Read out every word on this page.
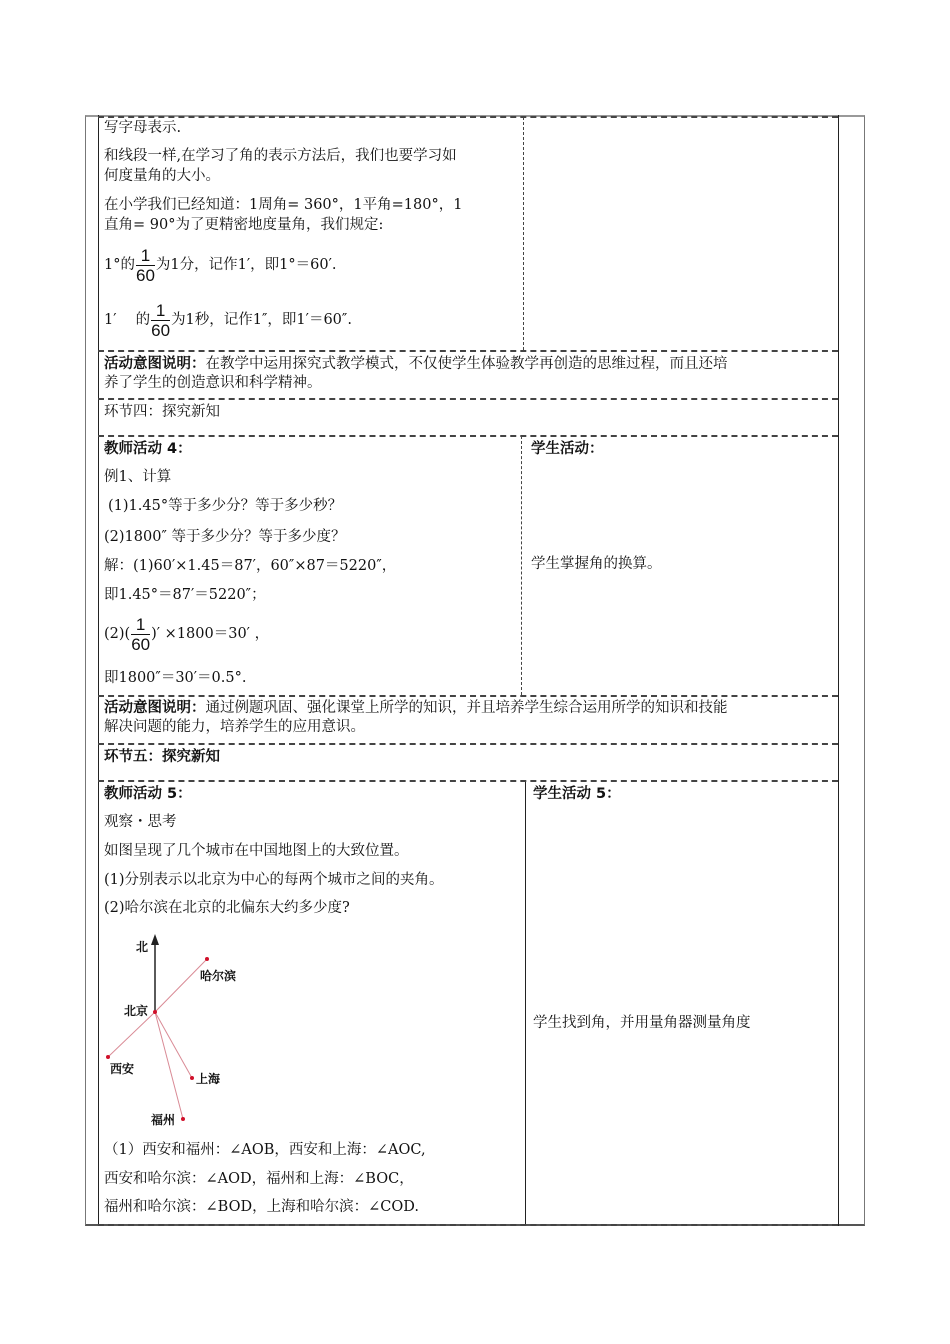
写字母表示.
和线段一样,在学习了角的表示方法后，我们也要学习如
何度量角的大小。
在小学我们已经知道：1周角= 360°，1平角=180°，1
直角= 90°为了更精密地度量角，我们规定:
1°的 $\frac{1}{60}$ 为1分，记作1′，即1°＝60′.
1′　 的 $\frac{1}{60}$ 为1秒，记作1″，即1′＝60″.
活动意图说明：在教学中运用探究式教学模式，不仅使学生体验教学再创造的思维过程，而且还培
养了学生的创造意识和科学精神。
环节四：探究新知
教师活动 4：
例1、计算
(1)1.45°等于多少分？等于多少秒？
(2)1800″ 等于多少分？等于多少度？
解：(1)60′×1.45＝87′，60″×87＝5220″，
即1.45°＝87′＝5220″；
$(2)( \frac{1}{60}$ )′ ×1800＝30′ ，
即1800″＝30′＝0.5°.
学生活动：
学生掌握角的换算。
活动意图说明：通过例题巩固、强化课堂上所学的知识，并且培养学生综合运用所学的知识和技能
解决问题的能力，培养学生的应用意识。
环节五：探究新知
教师活动 5：
观察・思考
如图呈现了几个城市在中国地图上的大致位置。
(1)分别表示以北京为中心的每两个城市之间的夹角。
(2)哈尔滨在北京的北偏东大约多少度?
北
北京
哈尔滨
西安
上海
福州
（1）西安和福州：∠AOB，西安和上海：∠AOC,
西安和哈尔滨：∠AOD，福州和上海：∠BOC，
福州和哈尔滨：∠BOD，上海和哈尔滨：∠COD.
学生活动 5：
学生找到角，并用量角器测量角度
